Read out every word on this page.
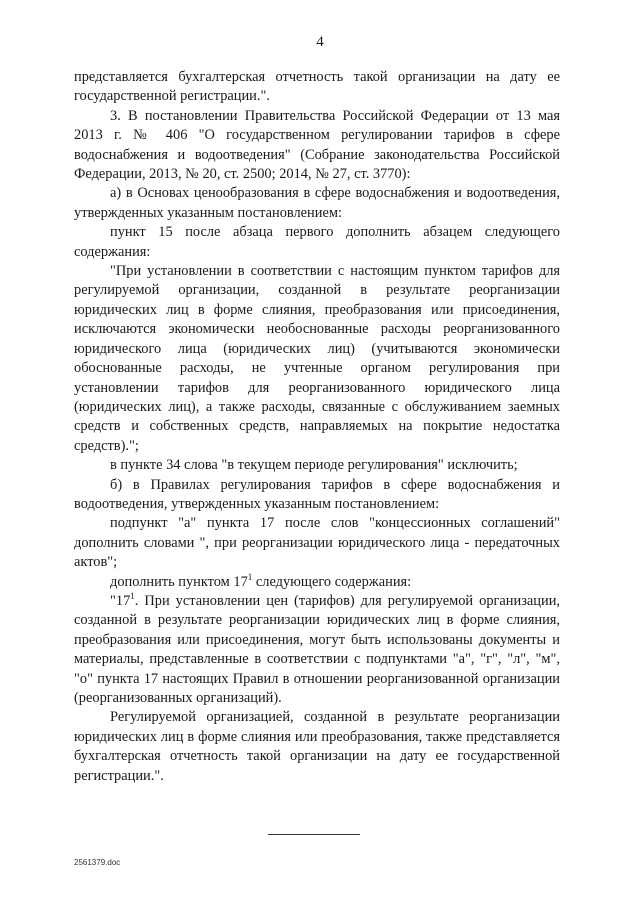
4

представляется бухгалтерская отчетность такой организации на дату ее государственной регистрации.".

3. В постановлении Правительства Российской Федерации от 13 мая 2013 г. № 406 "О государственном регулировании тарифов в сфере водоснабжения и водоотведения" (Собрание законодательства Российской Федерации, 2013, № 20, ст. 2500; 2014, № 27, ст. 3770):

а) в Основах ценообразования в сфере водоснабжения и водоотведения, утвержденных указанным постановлением:

пункт 15 после абзаца первого дополнить абзацем следующего содержания:

"При установлении в соответствии с настоящим пунктом тарифов для регулируемой организации, созданной в результате реорганизации юридических лиц в форме слияния, преобразования или присоединения, исключаются экономически необоснованные расходы реорганизованного юридического лица (юридических лиц) (учитываются экономически обоснованные расходы, не учтенные органом регулирования при установлении тарифов для реорганизованного юридического лица (юридических лиц), а также расходы, связанные с обслуживанием заемных средств и собственных средств, направляемых на покрытие недостатка средств).";

в пункте 34 слова "в текущем периоде регулирования" исключить;

б) в Правилах регулирования тарифов в сфере водоснабжения и водоотведения, утвержденных указанным постановлением:

подпункт "а" пункта 17 после слов "концессионных соглашений" дополнить словами ", при реорганизации юридического лица - передаточных актов";

дополнить пунктом $17^1$ следующего содержания:

"$17^1$. При установлении цен (тарифов) для регулируемой организации, созданной в результате реорганизации юридических лиц в форме слияния, преобразования или присоединения, могут быть использованы документы и материалы, представленные в соответствии с подпунктами "а", "г", "л", "м", "о" пункта 17 настоящих Правил в отношении реорганизованной организации (реорганизованных организаций).

Регулируемой организацией, созданной в результате реорганизации юридических лиц в форме слияния или преобразования, также представляется бухгалтерская отчетность такой организации на дату ее государственной регистрации.".

2561379.doc
